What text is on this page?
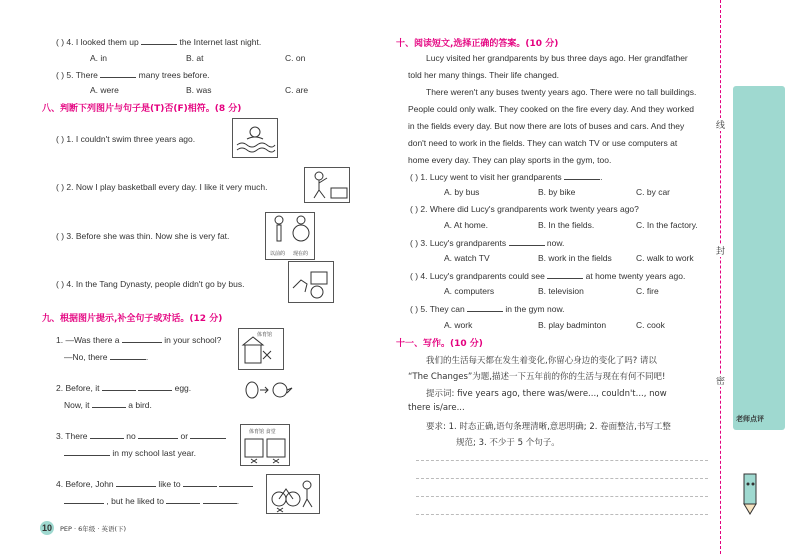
( ) 4. I looked them up	the Internet last night.
A. in	B. at	C. on
( ) 5. There	many trees before.
A. were	B. was	C. are
八、判断下列图片与句子是(T)否(F)相符。(8 分)
( ) 1. I couldn't swim three years ago.
( ) 2. Now I play basketball every day. I like it very much.
( ) 3. Before she was thin. Now she is very fat.
以前的 现在的
( ) 4. In the Tang Dynasty, people didn't go by bus.
九、根据图片提示,补全句子或对话。(12 分)
1. —Was there a	in your school?
—No, there	.
体育馆
2. Before, it	egg.
Now, it	a bird.
3. There	no	or
in my school last year.
体育馆 食堂
4. Before, John	like to
, but he liked to	.
10	PEP · 6年级 · 英语(下)
十、阅读短文,选择正确的答案。(10 分)
Lucy visited her grandparents by bus three days ago. Her grandfather
told her many things. Their life changed.
There weren't any buses twenty years ago. There were no tall buildings.
People could only walk. They cooked on the fire every day. And they worked
in the fields every day. But now there are lots of buses and cars. And they
don't need to work in the fields. They can watch TV or use computers at
home every day. They can play sports in the gym, too.
( ) 1. Lucy went to visit her grandparents	.
A. by bus	B. by bike	C. by car
( ) 2. Where did Lucy's grandparents work twenty years ago?
A. At home.	B. In the fields.	C. In the factory.
( ) 3. Lucy's grandparents	now.
A. watch TV	B. work in the fields	C. walk to work
( ) 4. Lucy's grandparents could see	at home twenty years ago.
A. computers	B. television	C. fire
( ) 5. They can	in the gym now.
A. work	B. play badminton	C. cook
十一、写作。(10 分)
我们的生活每天都在发生着变化,你留心身边的变化了吗? 请以
“The Changes”为题,描述一下五年前的你的生活与现在有何不同吧!
提示词: five years ago, there was/were..., couldn't..., now
there is/are...
要求: 1. 时态正确,语句条理清晰,意思明确; 2. 卷面整洁,书写工整
规范; 3. 不少于 5 个句子。
线
封
密
老师点评
